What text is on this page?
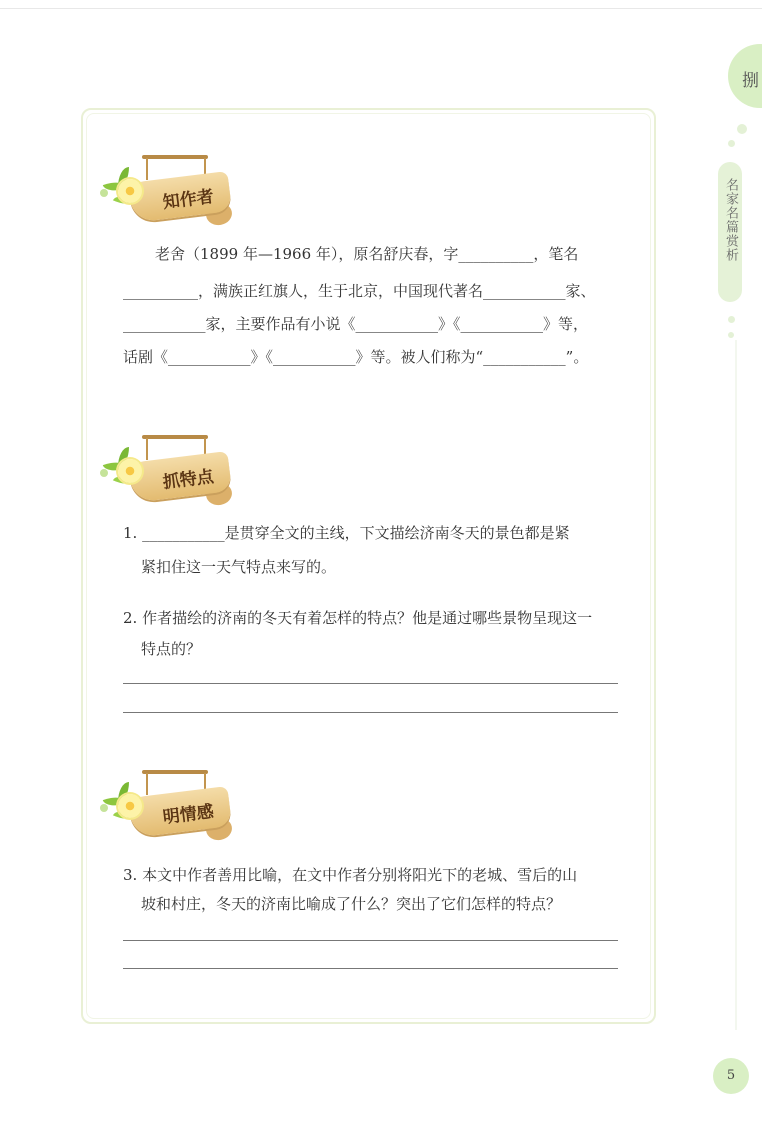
捌
名家名篇赏析
5
知作者
老舍（1899 年—1966 年），原名舒庆春，字__________，笔名
__________，满族正红旗人，生于北京，中国现代著名___________家、
___________家，主要作品有小说《___________》《___________》等，
话剧《___________》《___________》等。被人们称为“___________”。
抓特点
1. ___________是贯穿全文的主线，下文描绘济南冬天的景色都是紧
紧扣住这一天气特点来写的。
2. 作者描绘的济南的冬天有着怎样的特点？他是通过哪些景物呈现这一
特点的？
明情感
3. 本文中作者善用比喻，在文中作者分别将阳光下的老城、雪后的山
坡和村庄，冬天的济南比喻成了什么？突出了它们怎样的特点？
